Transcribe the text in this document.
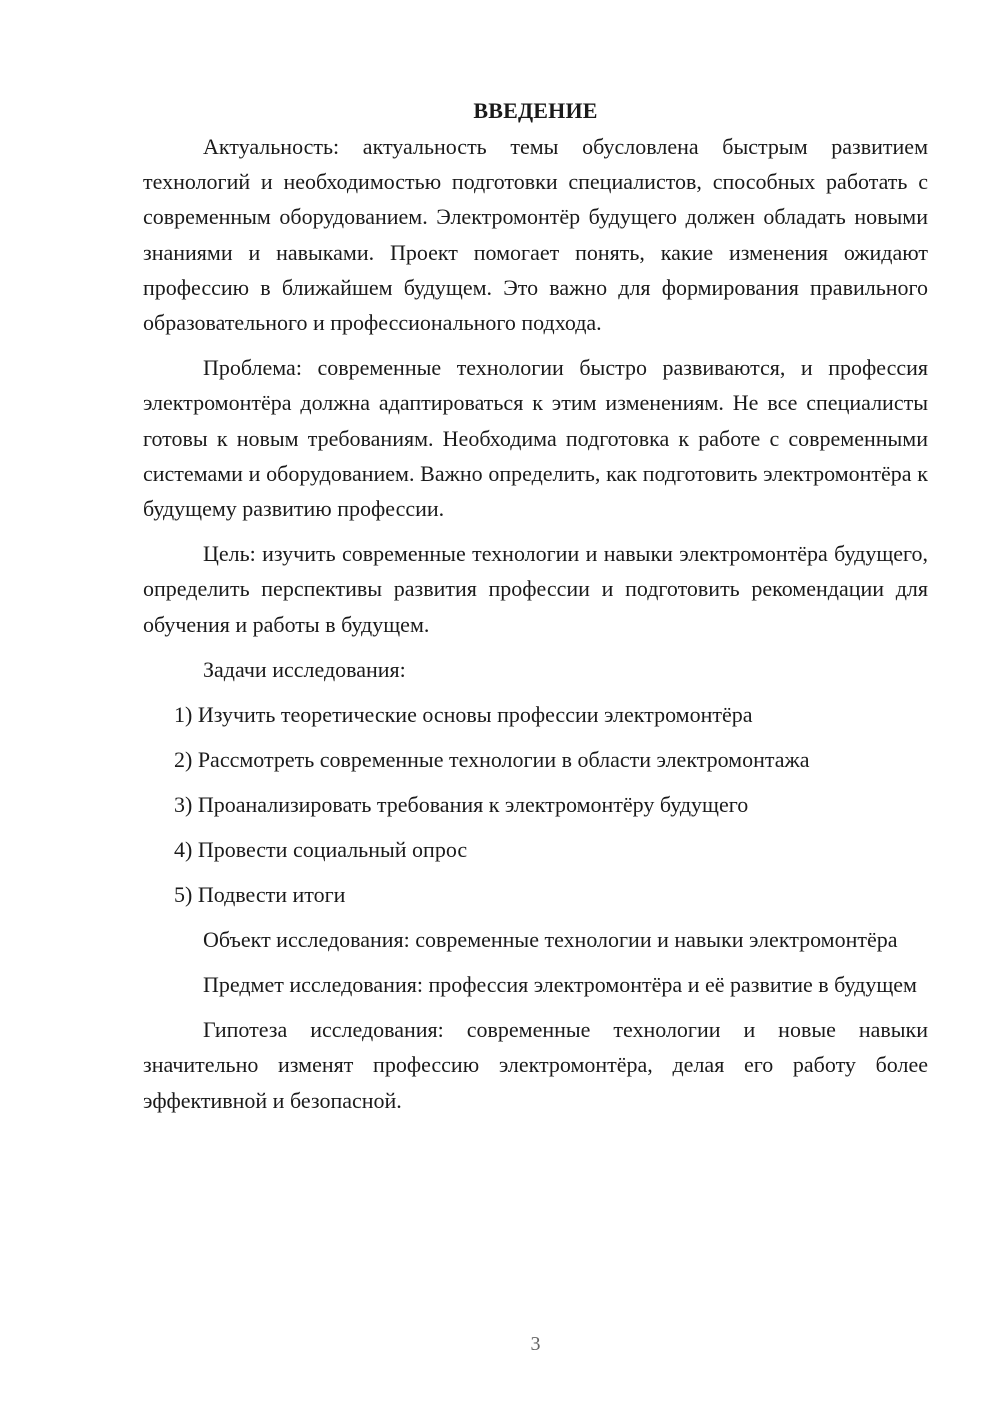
ВВЕДЕНИЕ

Актуальность: актуальность темы обусловлена быстрым развитием технологий и необходимостью подготовки специалистов, способных работать с современным оборудованием. Электромонтёр будущего должен обладать новыми знаниями и навыками. Проект помогает понять, какие изменения ожидают профессию в ближайшем будущем. Это важно для формирования правильного образовательного и профессионального подхода.

Проблема: современные технологии быстро развиваются, и профессия электромонтёра должна адаптироваться к этим изменениям. Не все специалисты готовы к новым требованиям. Необходима подготовка к работе с современными системами и оборудованием. Важно определить, как подготовить электромонтёра к будущему развитию профессии.

Цель: изучить современные технологии и навыки электромонтёра будущего, определить перспективы развития профессии и подготовить рекомендации для обучения и работы в будущем.

Задачи исследования:

1) Изучить теоретические основы профессии электромонтёра
2) Рассмотреть современные технологии в области электромонтажа
3) Проанализировать требования к электромонтёру будущего
4) Провести социальный опрос
5) Подвести итоги

Объект исследования: современные технологии и навыки электромонтёра

Предмет исследования: профессия электромонтёра и её развитие в будущем

Гипотеза исследования: современные технологии и новые навыки значительно изменят профессию электромонтёра, делая его работу более эффективной и безопасной.

3
